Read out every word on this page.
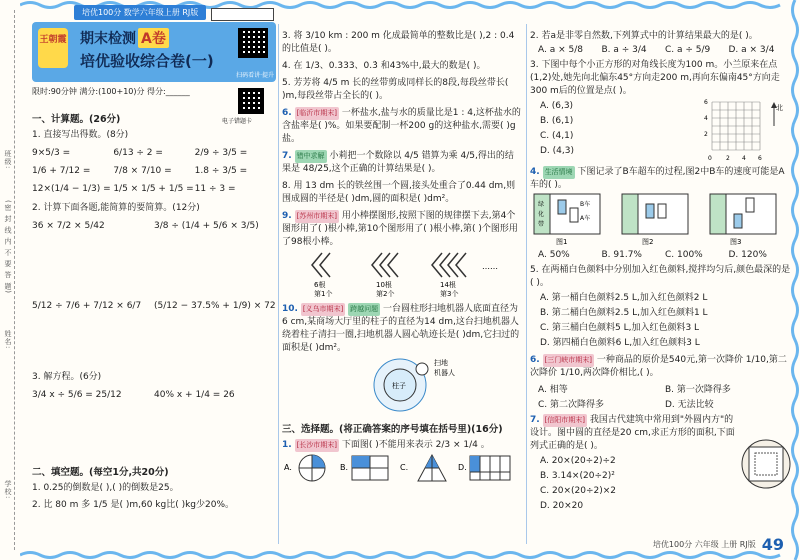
班级:
(密 封 线 内 不 要 答 题)
姓名:
学校:
培优100分 数学六年级上册 RJ版	【答案见P89】
王朝霞 期末检测 A卷
培优验收综合卷(一)
扫码看讲·提升
限时:90分钟 满分:(100+10)分 得分:______
电子错题卡
一、计算题。(26分)
1. 直接写出得数。(8分)
9×5/3 =	6/13 ÷ 2 =	2/9 ÷ 3/5 =
1/6 + 7/12 =	7/8 × 7/10 =	1.8 ÷ 3/5 =
12×(1/4 − 1/3) = 1/5 × 1/5 + 1/5 = 11 ÷ 3 =
2. 计算下面各题,能简算的要简算。(12分)
36 × 7/2 × 5/42	3/8 ÷ (1/4 + 5/6 × 3/5)
5/12 ÷ 7/6 + 7/12 × 6/7	(5/12 − 37.5% + 1/9) × 72
3. 解方程。(6分)
3/4 x ÷ 5/6 = 25/12	40% x + 1/4 = 26
二、填空题。(每空1分,共20分)
1. 0.25的倒数是( ),( )的倒数是25。
2. 比 80 m 多 1/5 是( )m,60 kg比( )kg少20%。
3. 将 3/10 km : 200 m 化成最简单的整数比是( ),2 : 0.4 的比值是( )。
4. 在 1/3、0.333、0.3̇ 和43%中,最大的数是( )。
5. 芳芳将 4/5 m 长的丝带剪成同样长的8段,每段丝带长( )m,每段丝带占全长的( )。
6. [临沂市期末] 一杯盐水,盐与水的质量比是1 : 4,这杯盐水的含盐率是( )%。如果要配制一杯200 g的这种盐水,需要( )g盐。
7. 错中求解 小莉把一个数除以 4/5 错算为乘 4/5,得出的结果是 48/25,这个正确的计算结果是( )。
8. 用 13 dm 长的铁丝围一个圆,接头处重合了0.44 dm,则围成圆的半径是( )dm,圆的面积是( )dm²。
9. [苏州市期末] 用小棒摆图形,按照下图的规律摆下去,第4个图形用了( )根小棒,第10个图形用了( )根小棒,第( )个图形用了98根小棒。
6根
第1个
10根
第2个
14根
第3个
……
10. [义乌市期末] 跨越问题 一台圆柱形扫地机器人底面直径为6 cm,某商场大厅里的柱子的直径为14 dm,这台扫地机器人绕着柱子清扫一圈,扫地机器人圆心轨迹长是( )dm,它扫过的面积是( )dm²。
柱子
扫地
机器人
三、选择题。(将正确答案的序号填在括号里)(16分)
1. [长沙市期末] 下面图( )不能用来表示 2/3 × 1/4 。
A.	B.	C.	D.
2. 若a是非零自然数,下列算式中的计算结果最大的是( )。
A. a × 5/8	B. a ÷ 3/4	C. a ÷ 5/9	D. a × 3/4
3. 下图中每个小正方形的对角线长度为100 m。小兰原来在点(1,2)处,她先向北偏东45°方向走200 m,再向东偏南45°方向走300 m后的位置是点( )。
A. (6,3)
B. (6,1)
C. (4,1)
D. (4,3)
0 2 4 6
2
4
6
北
4. 生活情境 下图记录了B车超车的过程,图2中B车的速度可能是A车的( )。
绿
化
带
B车
A车
图1	图2	图3
A. 50%	B. 91.7%	C. 100%	D. 120%
5. 在两桶白色颜料中分别加入红色颜料,搅拌均匀后,颜色最深的是( )。
A. 第一桶白色颜料2.5 L,加入红色颜料2 L
B. 第二桶白色颜料2.5 L,加入红色颜料1 L
C. 第三桶白色颜料5 L,加入红色颜料3 L
D. 第四桶白色颜料6 L,加入红色颜料3 L
6. [三门峡市期末] 一种商品的原价是540元,第一次降价 1/10,第二次降价 1/10,两次降价相比,( )。
A. 相等	B. 第一次降得多
C. 第二次降得多	D. 无法比较
7. [信阳市期末] 我国古代建筑中常用到"外圆内方"的设计。图中圆的直径是20 cm,求正方形的面积,下面列式正确的是( )。
A. 20×(20÷2)÷2
B. 3.14×(20÷2)²
C. 20×(20÷2)×2
D. 20×20
培优100分 六年级 上册 RJ版 49
